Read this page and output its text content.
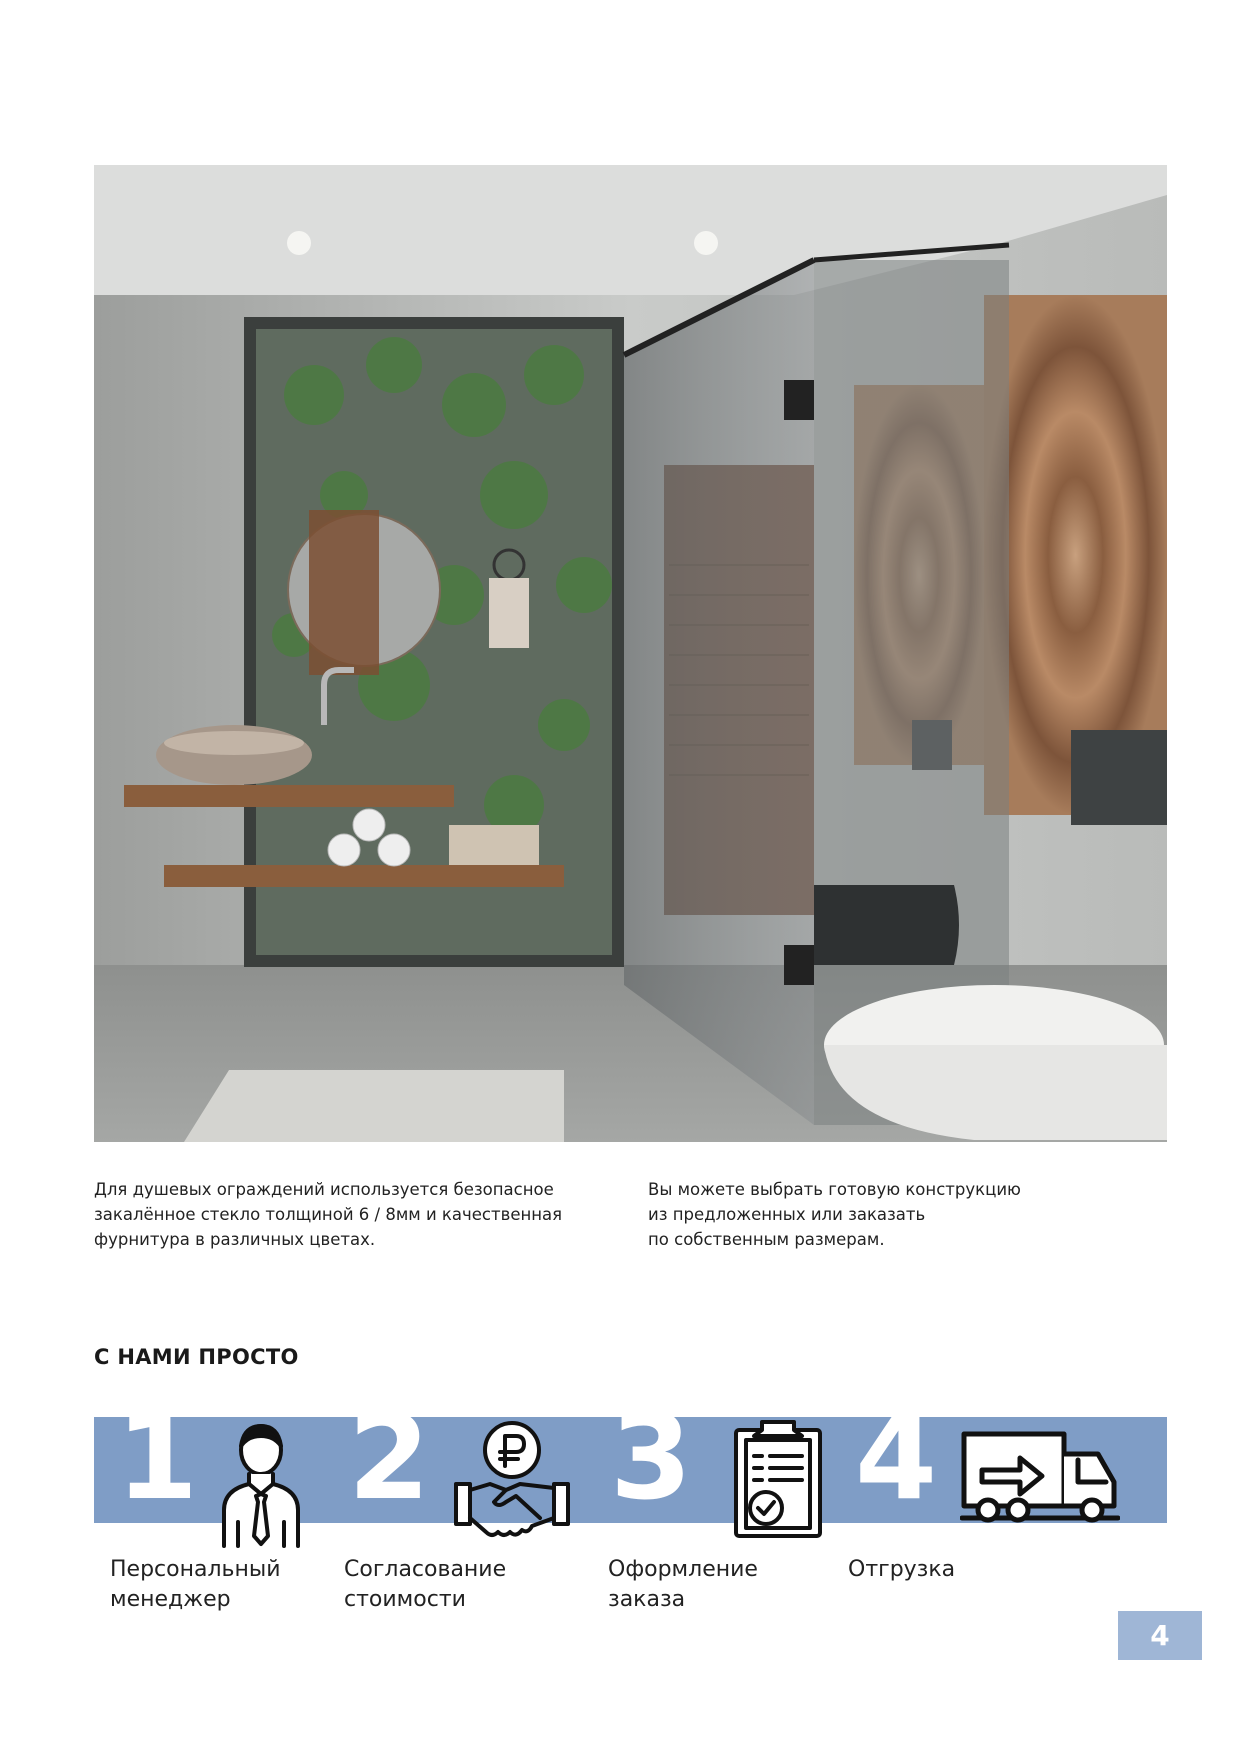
Для душевых ограждений используется безопасное
закалённое стекло толщиной 6 / 8мм и качественная
фурнитура в различных цветах.
Вы можете выбрать готовую конструкцию
из предложенных или заказать
по собственным размерам.
С НАМИ ПРОСТО
1
Персональный
менеджер
2
Согласование
стоимости
3
Оформление
заказа
4
Отгрузка
4
